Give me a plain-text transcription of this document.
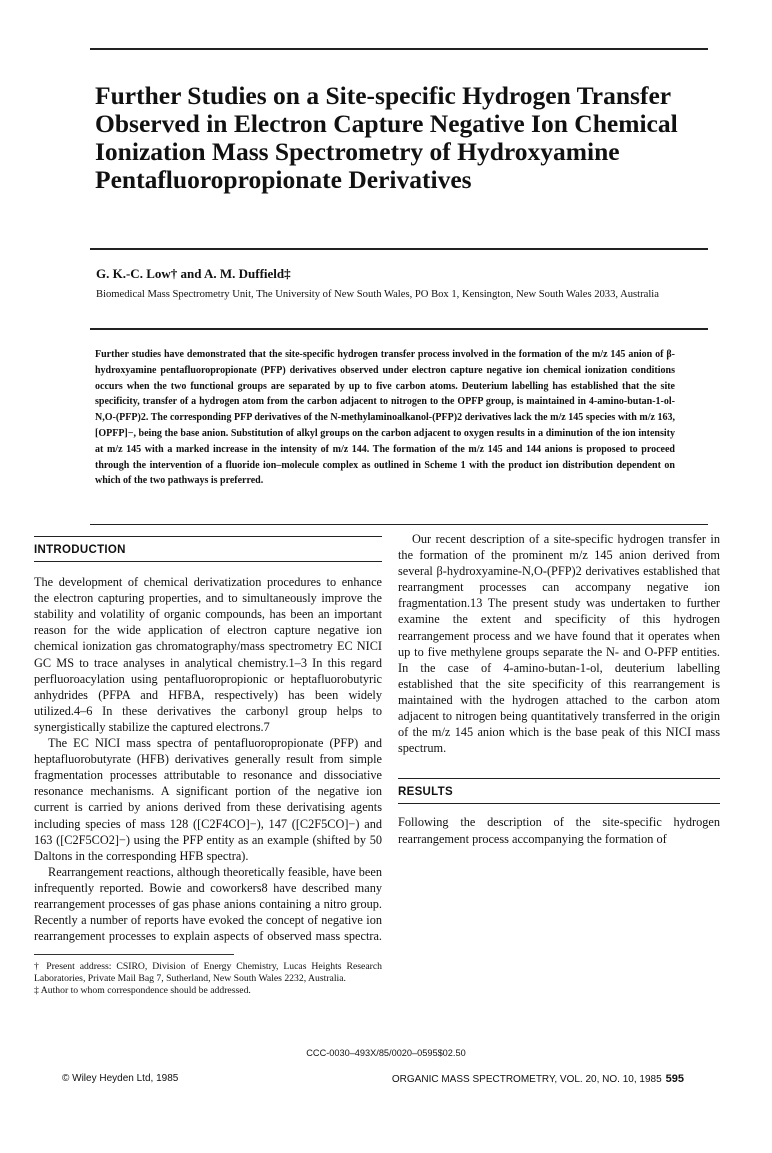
Further Studies on a Site-specific Hydrogen Transfer Observed in Electron Capture Negative Ion Chemical Ionization Mass Spectrometry of Hydroxyamine Pentafluoropropionate Derivatives

G. K.-C. Low† and A. M. Duffield‡

Biomedical Mass Spectrometry Unit, The University of New South Wales, PO Box 1, Kensington, New South Wales 2033, Australia

Further studies have demonstrated that the site-specific hydrogen transfer process involved in the formation of the m/z 145 anion of β-hydroxyamine pentafluoropropionate (PFP) derivatives observed under electron capture negative ion chemical ionization conditions occurs when the two functional groups are separated by up to five carbon atoms. Deuterium labelling has established that the site specificity, transfer of a hydrogen atom from the carbon adjacent to nitrogen to the OPFP group, is maintained in 4-amino-butan-1-ol-N,O-(PFP)2. The corresponding PFP derivatives of the N-methylaminoalkanol-(PFP)2 derivatives lack the m/z 145 species with m/z 163, [OPFP]−, being the base anion. Substitution of alkyl groups on the carbon adjacent to oxygen results in a diminution of the ion intensity at m/z 145 with a marked increase in the intensity of m/z 144. The formation of the m/z 145 and 144 anions is proposed to proceed through the intervention of a fluoride ion–molecule complex as outlined in Scheme 1 with the product ion distribution dependent on which of the two pathways is preferred.

INTRODUCTION

The development of chemical derivatization procedures to enhance the electron capturing properties, and to simultaneously improve the stability and volatility of organic compounds, has been an important reason for the wide application of electron capture negative ion chemical ionization gas chromatography/mass spectrometry EC NICI GC MS to trace analyses in analytical chemistry.1–3 In this regard perfluoroacylation using pentafluoropropionic or heptafluorobutyric anhydrides (PFPA and HFBA, respectively) has been widely utilized.4–6 In these derivatives the carbonyl group helps to synergistically stabilize the captured electrons.7

The EC NICI mass spectra of pentafluoropropionate (PFP) and heptafluorobutyrate (HFB) derivatives generally result from simple fragmentation processes attributable to resonance and dissociative resonance mechanisms. A significant portion of the negative ion current is carried by anions derived from these derivatising agents including species of mass 128 ([C2F4CO]−), 147 ([C2F5CO]−) and 163 ([C2F5CO2]−) using the PFP entity as an example (shifted by 50 Daltons in the corresponding HFB spectra).

Rearrangement reactions, although theoretically feasible, have been infrequently reported. Bowie and coworkers8 have described many rearrangement processes of gas phase anions containing a nitro group. Recently a number of reports have evoked the concept of negative ion rearrangement processes to explain aspects of observed mass spectra.

† Present address: CSIRO, Division of Energy Chemistry, Lucas Heights Research Laboratories, Private Mail Bag 7, Sutherland, New South Wales 2232, Australia.

‡ Author to whom correspondence should be addressed.

Our recent description of a site-specific hydrogen transfer in the formation of the prominent m/z 145 anion derived from several β-hydroxyamine-N,O-(PFP)2 derivatives established that rearrangment processes can accompany negative ion fragmentation.13 The present study was undertaken to further examine the extent and specificity of this hydrogen rearrangement process and we have found that it operates when up to five methylene groups separate the N- and O-PFP entities. In the case of 4-amino-butan-1-ol, deuterium labelling established that the site specificity of this rearrangement is maintained with the hydrogen attached to the carbon atom adjacent to nitrogen being quantitatively transferred in the origin of the m/z 145 anion which is the base peak of this NICI mass spectrum.

RESULTS

Following the description of the site-specific hydrogen rearrangement process accompanying the formation of

CCC-0030–493X/85/0020–0595$02.50

© Wiley Heyden Ltd, 1985	ORGANIC MASS SPECTROMETRY, VOL. 20, NO. 10, 1985 595
